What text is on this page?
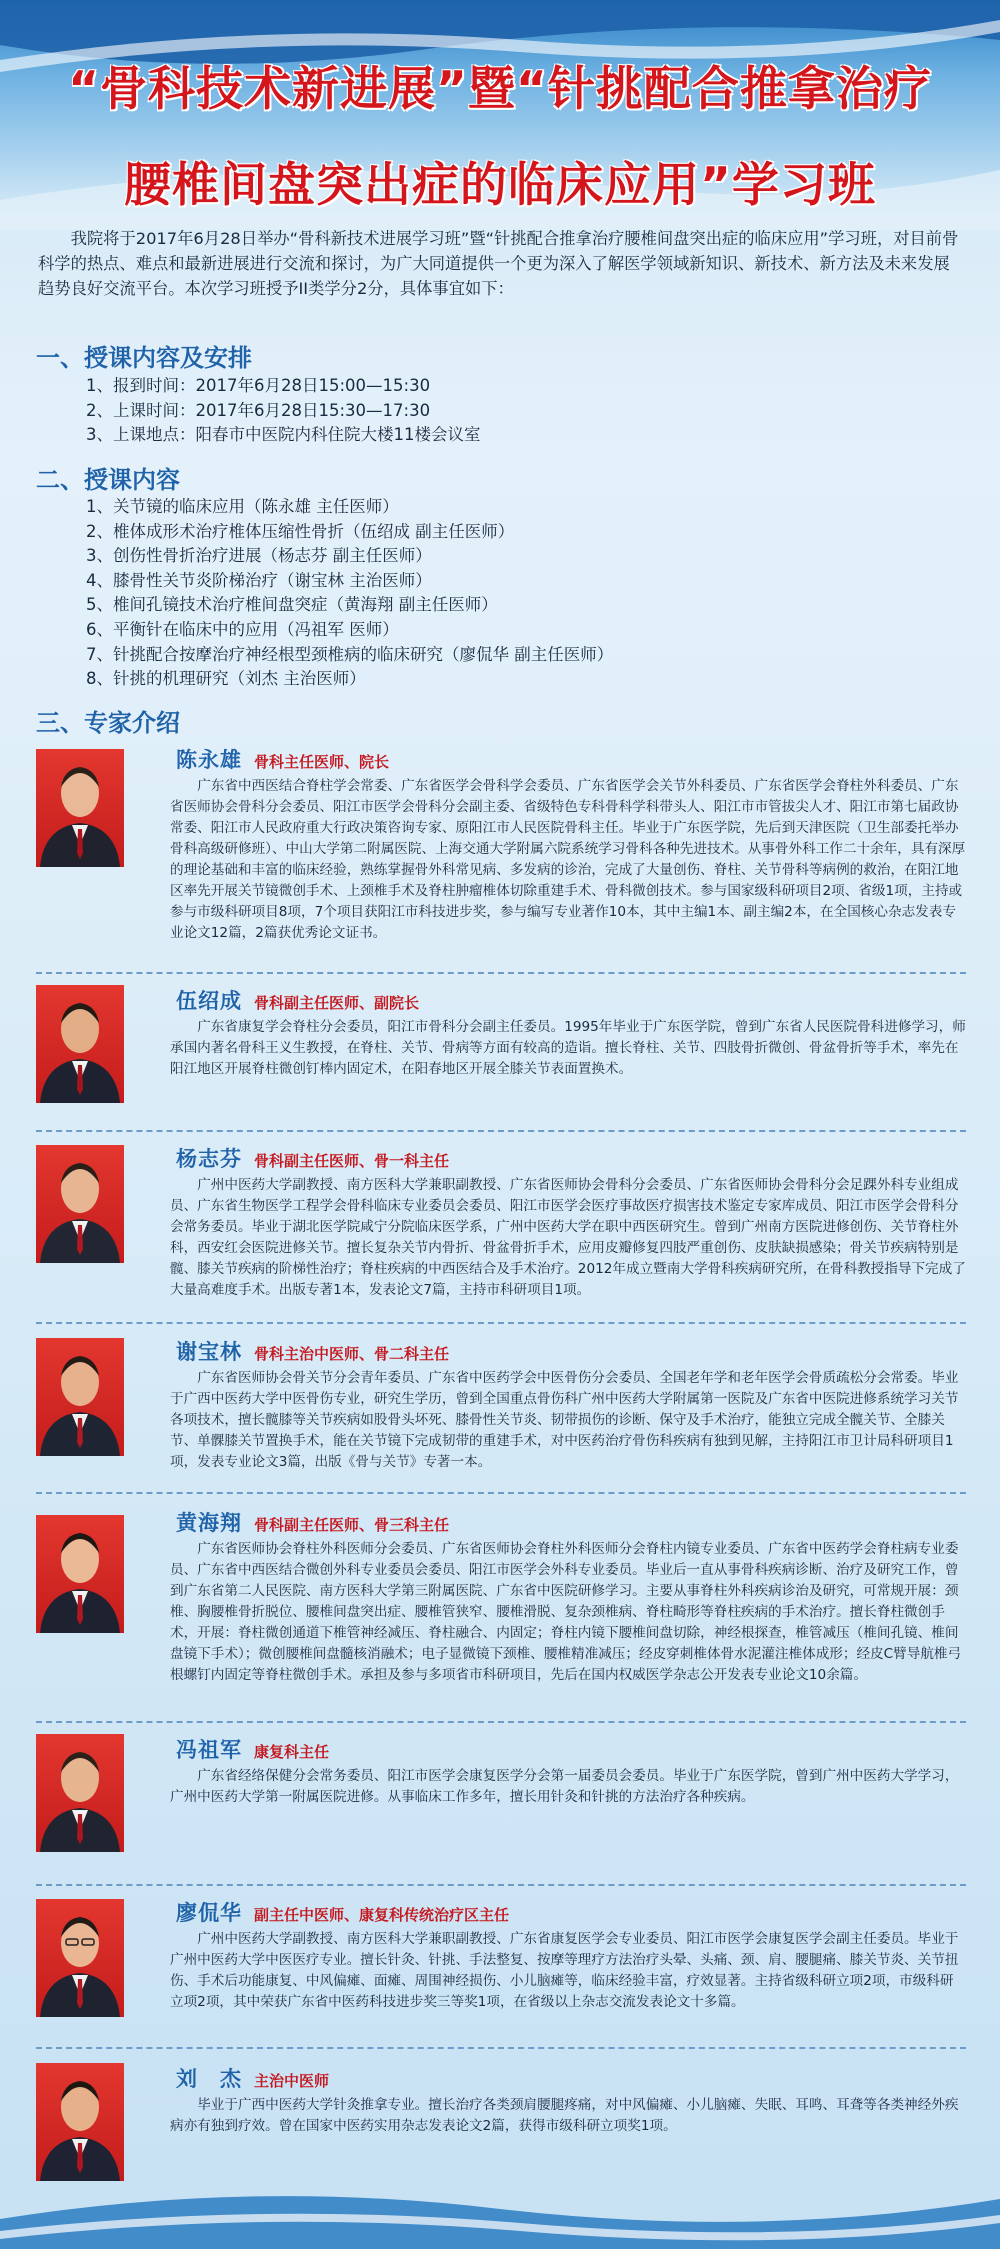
“骨科技术新进展”暨“针挑配合推拿治疗
腰椎间盘突出症的临床应用”学习班
我院将于2017年6月28日举办“骨科新技术进展学习班”暨“针挑配合推拿治疗腰椎间盘突出症的临床应用”学习班，对目前骨科学的热点、难点和最新进展进行交流和探讨，为广大同道提供一个更为深入了解医学领域新知识、新技术、新方法及未来发展趋势良好交流平台。本次学习班授予II类学分2分，具体事宜如下：
一、授课内容及安排
1、报到时间：2017年6月28日15:00—15:30
2、上课时间：2017年6月28日15:30—17:30
3、上课地点：阳春市中医院内科住院大楼11楼会议室
二、授课内容
1、关节镜的临床应用（陈永雄 主任医师）
2、椎体成形术治疗椎体压缩性骨折（伍绍成 副主任医师）
3、创伤性骨折治疗进展（杨志芬 副主任医师）
4、膝骨性关节炎阶梯治疗（谢宝林 主治医师）
5、椎间孔镜技术治疗椎间盘突症（黄海翔 副主任医师）
6、平衡针在临床中的应用（冯祖军 医师）
7、针挑配合按摩治疗神经根型颈椎病的临床研究（廖侃华 副主任医师）
8、针挑的机理研究（刘杰 主治医师）
三、专家介绍
陈永雄 骨科主任医师、院长
广东省中西医结合脊柱学会常委、广东省医学会骨科学会委员、广东省医学会关节外科委员、广东省医学会脊柱外科委员、广东省医师协会骨科分会委员、阳江市医学会骨科分会副主委、省级特色专科骨科学科带头人、阳江市市管拔尖人才、阳江市第七届政协常委、阳江市人民政府重大行政决策咨询专家、原阳江市人民医院骨科主任。毕业于广东医学院，先后到天津医院（卫生部委托举办骨科高级研修班）、中山大学第二附属医院、上海交通大学附属六院系统学习骨科各种先进技术。从事骨外科工作二十余年，具有深厚的理论基础和丰富的临床经验，熟练掌握骨外科常见病、多发病的诊治，完成了大量创伤、脊柱、关节骨科等病例的救治，在阳江地区率先开展关节镜微创手术、上颈椎手术及脊柱肿瘤椎体切除重建手术、骨科微创技术。参与国家级科研项目2项、省级1项，主持或参与市级科研项目8项，7个项目获阳江市科技进步奖，参与编写专业著作10本，其中主编1本、副主编2本，在全国核心杂志发表专业论文12篇，2篇获优秀论文证书。
伍绍成 骨科副主任医师、副院长
广东省康复学会脊柱分会委员，阳江市骨科分会副主任委员。1995年毕业于广东医学院，曾到广东省人民医院骨科进修学习，师承国内著名骨科王义生教授，在脊柱、关节、骨病等方面有较高的造诣。擅长脊柱、关节、四肢骨折微创、骨盆骨折等手术，率先在阳江地区开展脊柱微创钉棒内固定术，在阳春地区开展全膝关节表面置换术。
杨志芬 骨科副主任医师、骨一科主任
广州中医药大学副教授、南方医科大学兼职副教授、广东省医师协会骨科分会委员、广东省医师协会骨科分会足踝外科专业组成员、广东省生物医学工程学会骨科临床专业委员会委员、阳江市医学会医疗事故医疗损害技术鉴定专家库成员、阳江市医学会骨科分会常务委员。毕业于湖北医学院咸宁分院临床医学系，广州中医药大学在职中西医研究生。曾到广州南方医院进修创伤、关节脊柱外科，西安红会医院进修关节。擅长复杂关节内骨折、骨盆骨折手术，应用皮瓣修复四肢严重创伤、皮肤缺损感染；骨关节疾病特别是髋、膝关节疾病的阶梯性治疗；脊柱疾病的中西医结合及手术治疗。2012年成立暨南大学骨科疾病研究所，在骨科教授指导下完成了大量高难度手术。出版专著1本，发表论文7篇，主持市科研项目1项。
谢宝林 骨科主治中医师、骨二科主任
广东省医师协会骨关节分会青年委员、广东省中医药学会中医骨伤分会委员、全国老年学和老年医学会骨质疏松分会常委。毕业于广西中医药大学中医骨伤专业，研究生学历，曾到全国重点骨伤科广州中医药大学附属第一医院及广东省中医院进修系统学习关节各项技术，擅长髋膝等关节疾病如股骨头坏死、膝骨性关节炎、韧带损伤的诊断、保守及手术治疗，能独立完成全髋关节、全膝关节、单髁膝关节置换手术，能在关节镜下完成韧带的重建手术，对中医药治疗骨伤科疾病有独到见解，主持阳江市卫计局科研项目1项，发表专业论文3篇，出版《骨与关节》专著一本。
黄海翔 骨科副主任医师、骨三科主任
广东省医师协会脊柱外科医师分会委员、广东省医师协会脊柱外科医师分会脊柱内镜专业委员、广东省中医药学会脊柱病专业委员、广东省中西医结合微创外科专业委员会委员、阳江市医学会外科专业委员。毕业后一直从事骨科疾病诊断、治疗及研究工作，曾到广东省第二人民医院、南方医科大学第三附属医院、广东省中医院研修学习。主要从事脊柱外科疾病诊治及研究，可常规开展：颈椎、胸腰椎骨折脱位、腰椎间盘突出症、腰椎管狭窄、腰椎滑脱、复杂颈椎病、脊柱畸形等脊柱疾病的手术治疗。擅长脊柱微创手术，开展：脊柱微创通道下椎管神经减压、脊柱融合、内固定；脊柱内镜下腰椎间盘切除，神经根探查，椎管减压（椎间孔镜、椎间盘镜下手术）；微创腰椎间盘髓核消融术；电子显微镜下颈椎、腰椎精准减压；经皮穿刺椎体骨水泥灌注椎体成形；经皮C臂导航椎弓根螺钉内固定等脊柱微创手术。承担及参与多项省市科研项目，先后在国内权威医学杂志公开发表专业论文10余篇。
冯祖军 康复科主任
广东省经络保健分会常务委员、阳江市医学会康复医学分会第一届委员会委员。毕业于广东医学院，曾到广州中医药大学学习，广州中医药大学第一附属医院进修。从事临床工作多年，擅长用针灸和针挑的方法治疗各种疾病。
廖侃华 副主任中医师、康复科传统治疗区主任
广州中医药大学副教授、南方医科大学兼职副教授、广东省康复医学会专业委员、阳江市医学会康复医学会副主任委员。毕业于广州中医药大学中医医疗专业。擅长针灸、针挑、手法整复、按摩等理疗方法治疗头晕、头痛、颈、肩、腰腿痛、膝关节炎、关节扭伤、手术后功能康复、中风偏瘫、面瘫、周围神经损伤、小儿脑瘫等，临床经验丰富，疗效显著。主持省级科研立项2项，市级科研立项2项，其中荣获广东省中医药科技进步奖三等奖1项，在省级以上杂志交流发表论文十多篇。
刘　杰 主治中医师
毕业于广西中医药大学针灸推拿专业。擅长治疗各类颈肩腰腿疼痛，对中风偏瘫、小儿脑瘫、失眠、耳鸣、耳聋等各类神经外疾病亦有独到疗效。曾在国家中医药实用杂志发表论文2篇，获得市级科研立项奖1项。
